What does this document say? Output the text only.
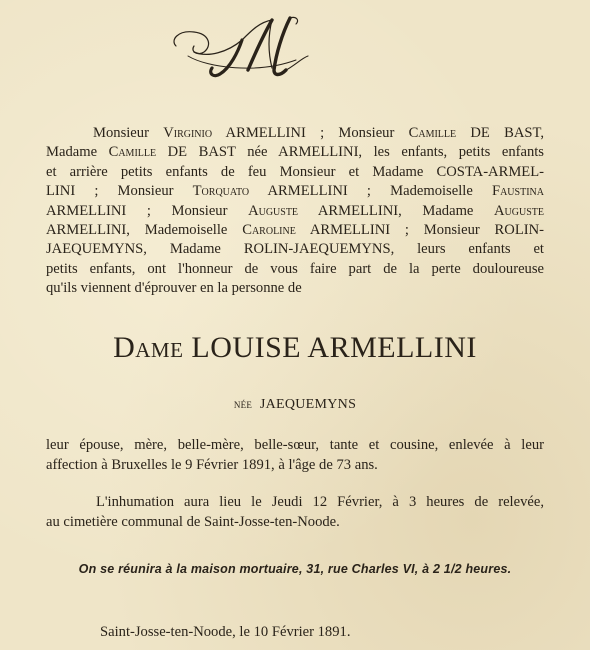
Monsieur Virginio ARMELLINI ; Monsieur Camille DE BAST,
Madame Camille DE BAST née ARMELLINI, les enfants, petits enfants
et arrière petits enfants de feu Monsieur et Madame COSTA-ARMEL-
LINI ; Monsieur Torquato ARMELLINI ; Mademoiselle Faustina
ARMELLINI ; Monsieur Auguste ARMELLINI, Madame Auguste
ARMELLINI, Mademoiselle Caroline ARMELLINI ; Monsieur ROLIN-
JAEQUEMYNS, Madame ROLIN-JAEQUEMYNS, leurs enfants et
petits enfants, ont l'honneur de vous faire part de la perte douloureuse
qu'ils viennent d'éprouver en la personne de
Dame LOUISE ARMELLINI
née JAEQUEMYNS
leur épouse, mère, belle-mère, belle-sœur, tante et cousine, enlevée à leur
affection à Bruxelles le 9 Février 1891, à l'âge de 73 ans.
L'inhumation aura lieu le Jeudi 12 Février, à 3 heures de relevée,
au cimetière communal de Saint-Josse-ten-Noode.
On se réunira à la maison mortuaire, 31, rue Charles VI, à 2 1/2 heures.
Saint-Josse-ten-Noode, le 10 Février 1891.
